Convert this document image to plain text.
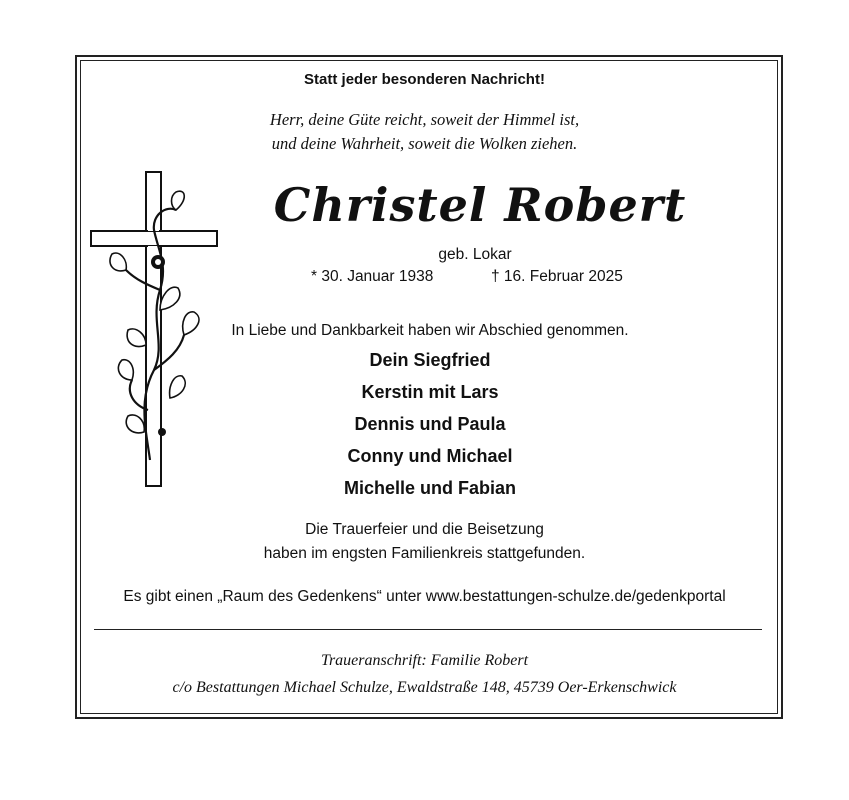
Statt jeder besonderen Nachricht!
Herr, deine Güte reicht, soweit der Himmel ist,
und deine Wahrheit, soweit die Wolken ziehen.
Christel Robert
geb. Lokar
* 30. Januar 1938	† 16. Februar 2025
In Liebe und Dankbarkeit haben wir Abschied genommen.
Dein Siegfried
Kerstin mit Lars
Dennis und Paula
Conny und Michael
Michelle und Fabian
Die Trauerfeier und die Beisetzung
haben im engsten Familienkreis stattgefunden.
Es gibt einen „Raum des Gedenkens“ unter www.bestattungen-schulze.de/gedenkportal
Traueranschrift: Familie Robert
c/o Bestattungen Michael Schulze, Ewaldstraße 148, 45739 Oer-Erkenschwick
